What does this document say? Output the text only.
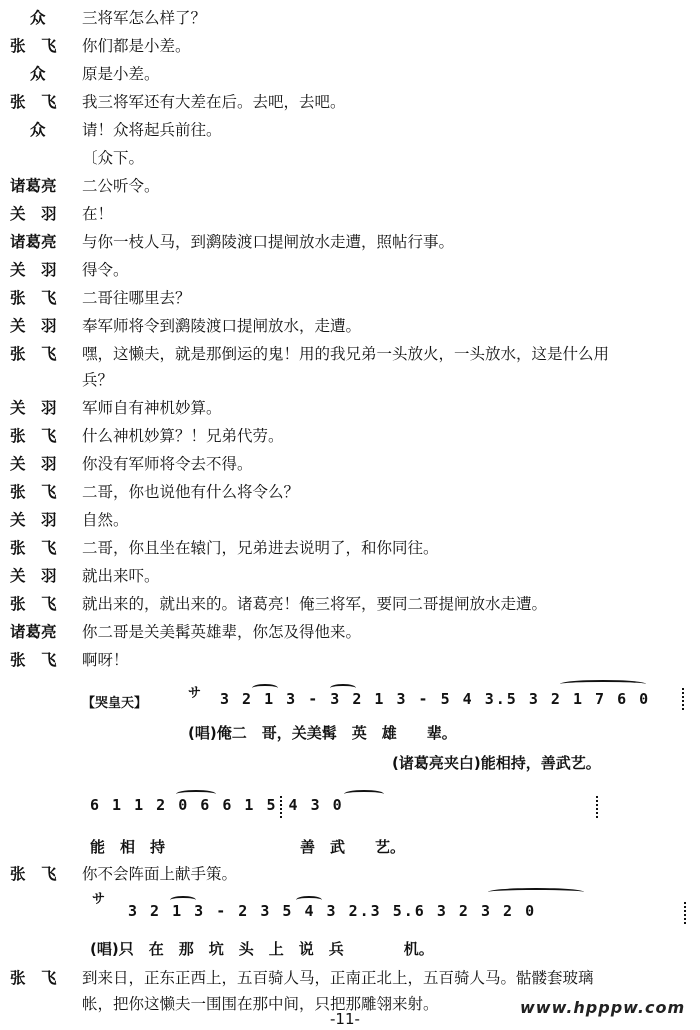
众	三将军怎么样了？
张　飞	你们都是小差。
众	原是小差。
张　飞	我三将军还有大差在后。去吧，去吧。
众	请！众将起兵前往。
〔众下。
诸葛亮	二公听令。
关　羽	在！
诸葛亮	与你一枝人马，到㶉陵渡口提闸放水走遭，照帖行事。
关　羽	得令。
张　飞	二哥往哪里去？
关　羽	奉军师将令到㶉陵渡口提闸放水，走遭。
张　飞	嘿，这懒夫，就是那倒运的鬼！用的我兄弟一头放火，一头放水，这是什么用
兵？
关　羽	军师自有神机妙算。
张　飞	什么神机妙算？！兄弟代劳。
关　羽	你没有军师将令去不得。
张　飞	二哥，你也说他有什么将令么？
关　羽	自然。
张　飞	二哥，你且坐在辕门，兄弟进去说明了，和你同往。
关　羽	就出来吓。
张　飞	就出来的，就出来的。诸葛亮！俺三将军，要同二哥提闸放水走遭。
诸葛亮	你二哥是关美髯英雄辈，你怎及得他来。
张　飞	啊呀！
【哭皇天】
サ 3 2 1 3 - 3 2 1 3 - 5 4 3.5 3 2 1 7 6 0
(唱)俺二　哥，关美髯　英　雄　　辈。
(诸葛亮夹白)能相持，善武艺。
6 1 1 2 0 6 6 1 5 4 3 0
能　相　持	善　武　　艺。
张　飞	你不会阵面上献手策。
サ
3 2 1 3 - 2 3 5 4 3 2.3 5.6 3 2 3 2 0
(唱)只　在　那　坑　头　上　说　兵　　　　机。
张　飞	到来日，正东正西上，五百骑人马，正南正北上，五百骑人马。骷髅套玻璃
帐，把你这懒夫一围围在那中间，只把那雕翎来射。
-11-
www.hpppw.com
